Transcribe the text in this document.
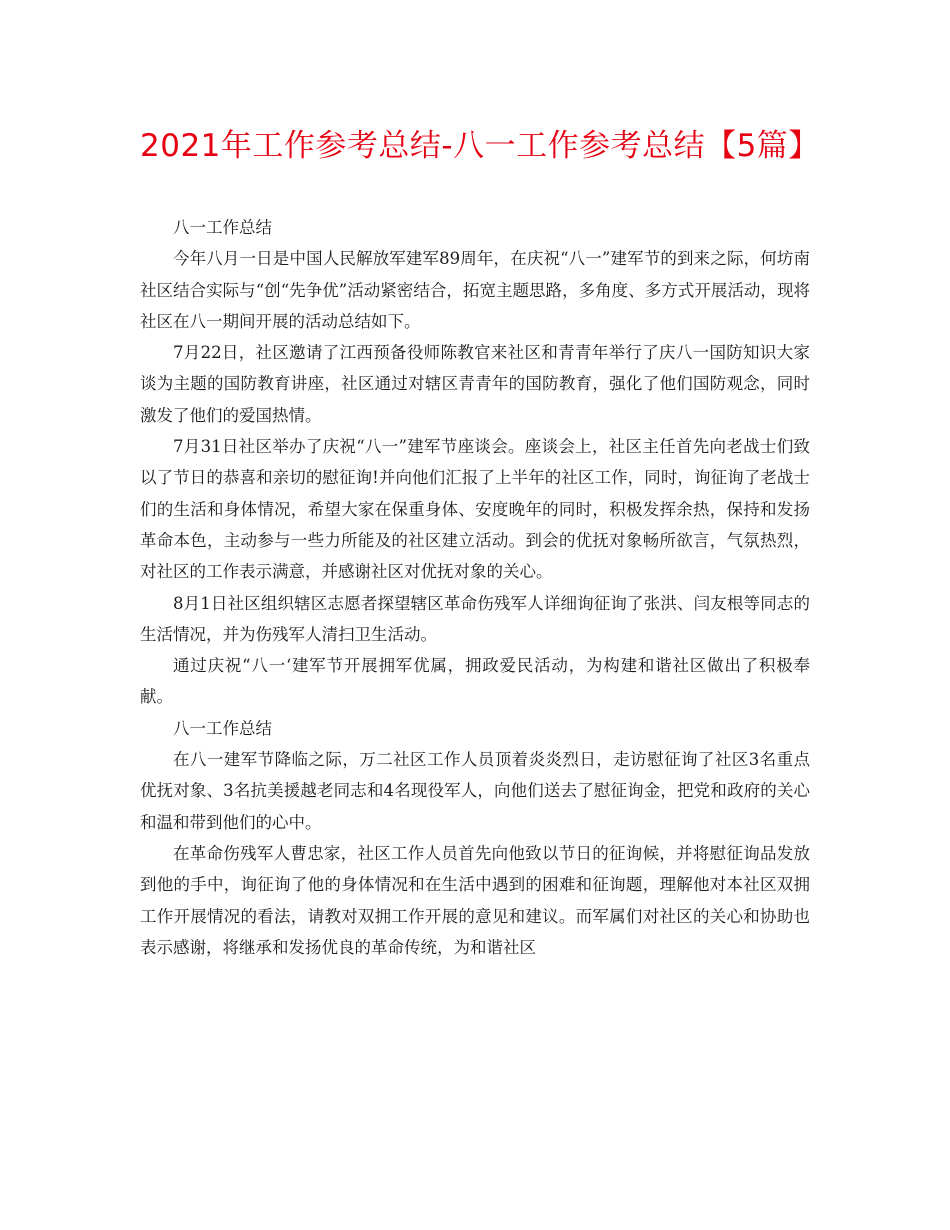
2021年工作参考总结-八一工作参考总结【5篇】

八一工作总结

今年八月一日是中国人民解放军建军89周年，在庆祝“八一”建军节的到来之际，何坊南社区结合实际与“创“先争优”活动紧密结合，拓宽主题思路，多角度、多方式开展活动，现将社区在八一期间开展的活动总结如下。

7月22日，社区邀请了江西预备役师陈教官来社区和青青年举行了庆八一国防知识大家谈为主题的国防教育讲座，社区通过对辖区青青年的国防教育，强化了他们国防观念，同时激发了他们的爱国热情。

7月31日社区举办了庆祝“八一”建军节座谈会。座谈会上，社区主任首先向老战士们致以了节日的恭喜和亲切的慰征询!并向他们汇报了上半年的社区工作，同时，询征询了老战士们的生活和身体情况，希望大家在保重身体、安度晚年的同时，积极发挥余热，保持和发扬革命本色，主动参与一些力所能及的社区建立活动。到会的优抚对象畅所欲言，气氛热烈，对社区的工作表示满意，并感谢社区对优抚对象的关心。

8月1日社区组织辖区志愿者探望辖区革命伤残军人详细询征询了张洪、闫友根等同志的生活情况，并为伤残军人清扫卫生活动。

通过庆祝“八一‘建军节开展拥军优属，拥政爱民活动，为构建和谐社区做出了积极奉献。

八一工作总结

在八一建军节降临之际，万二社区工作人员顶着炎炎烈日，走访慰征询了社区3名重点优抚对象、3名抗美援越老同志和4名现役军人，向他们送去了慰征询金，把党和政府的关心和温和带到他们的心中。

在革命伤残军人曹忠家，社区工作人员首先向他致以节日的征询候，并将慰征询品发放到他的手中，询征询了他的身体情况和在生活中遇到的困难和征询题，理解他对本社区双拥工作开展情况的看法，请教对双拥工作开展的意见和建议。而军属们对社区的关心和协助也表示感谢，将继承和发扬优良的革命传统，为和谐社区
